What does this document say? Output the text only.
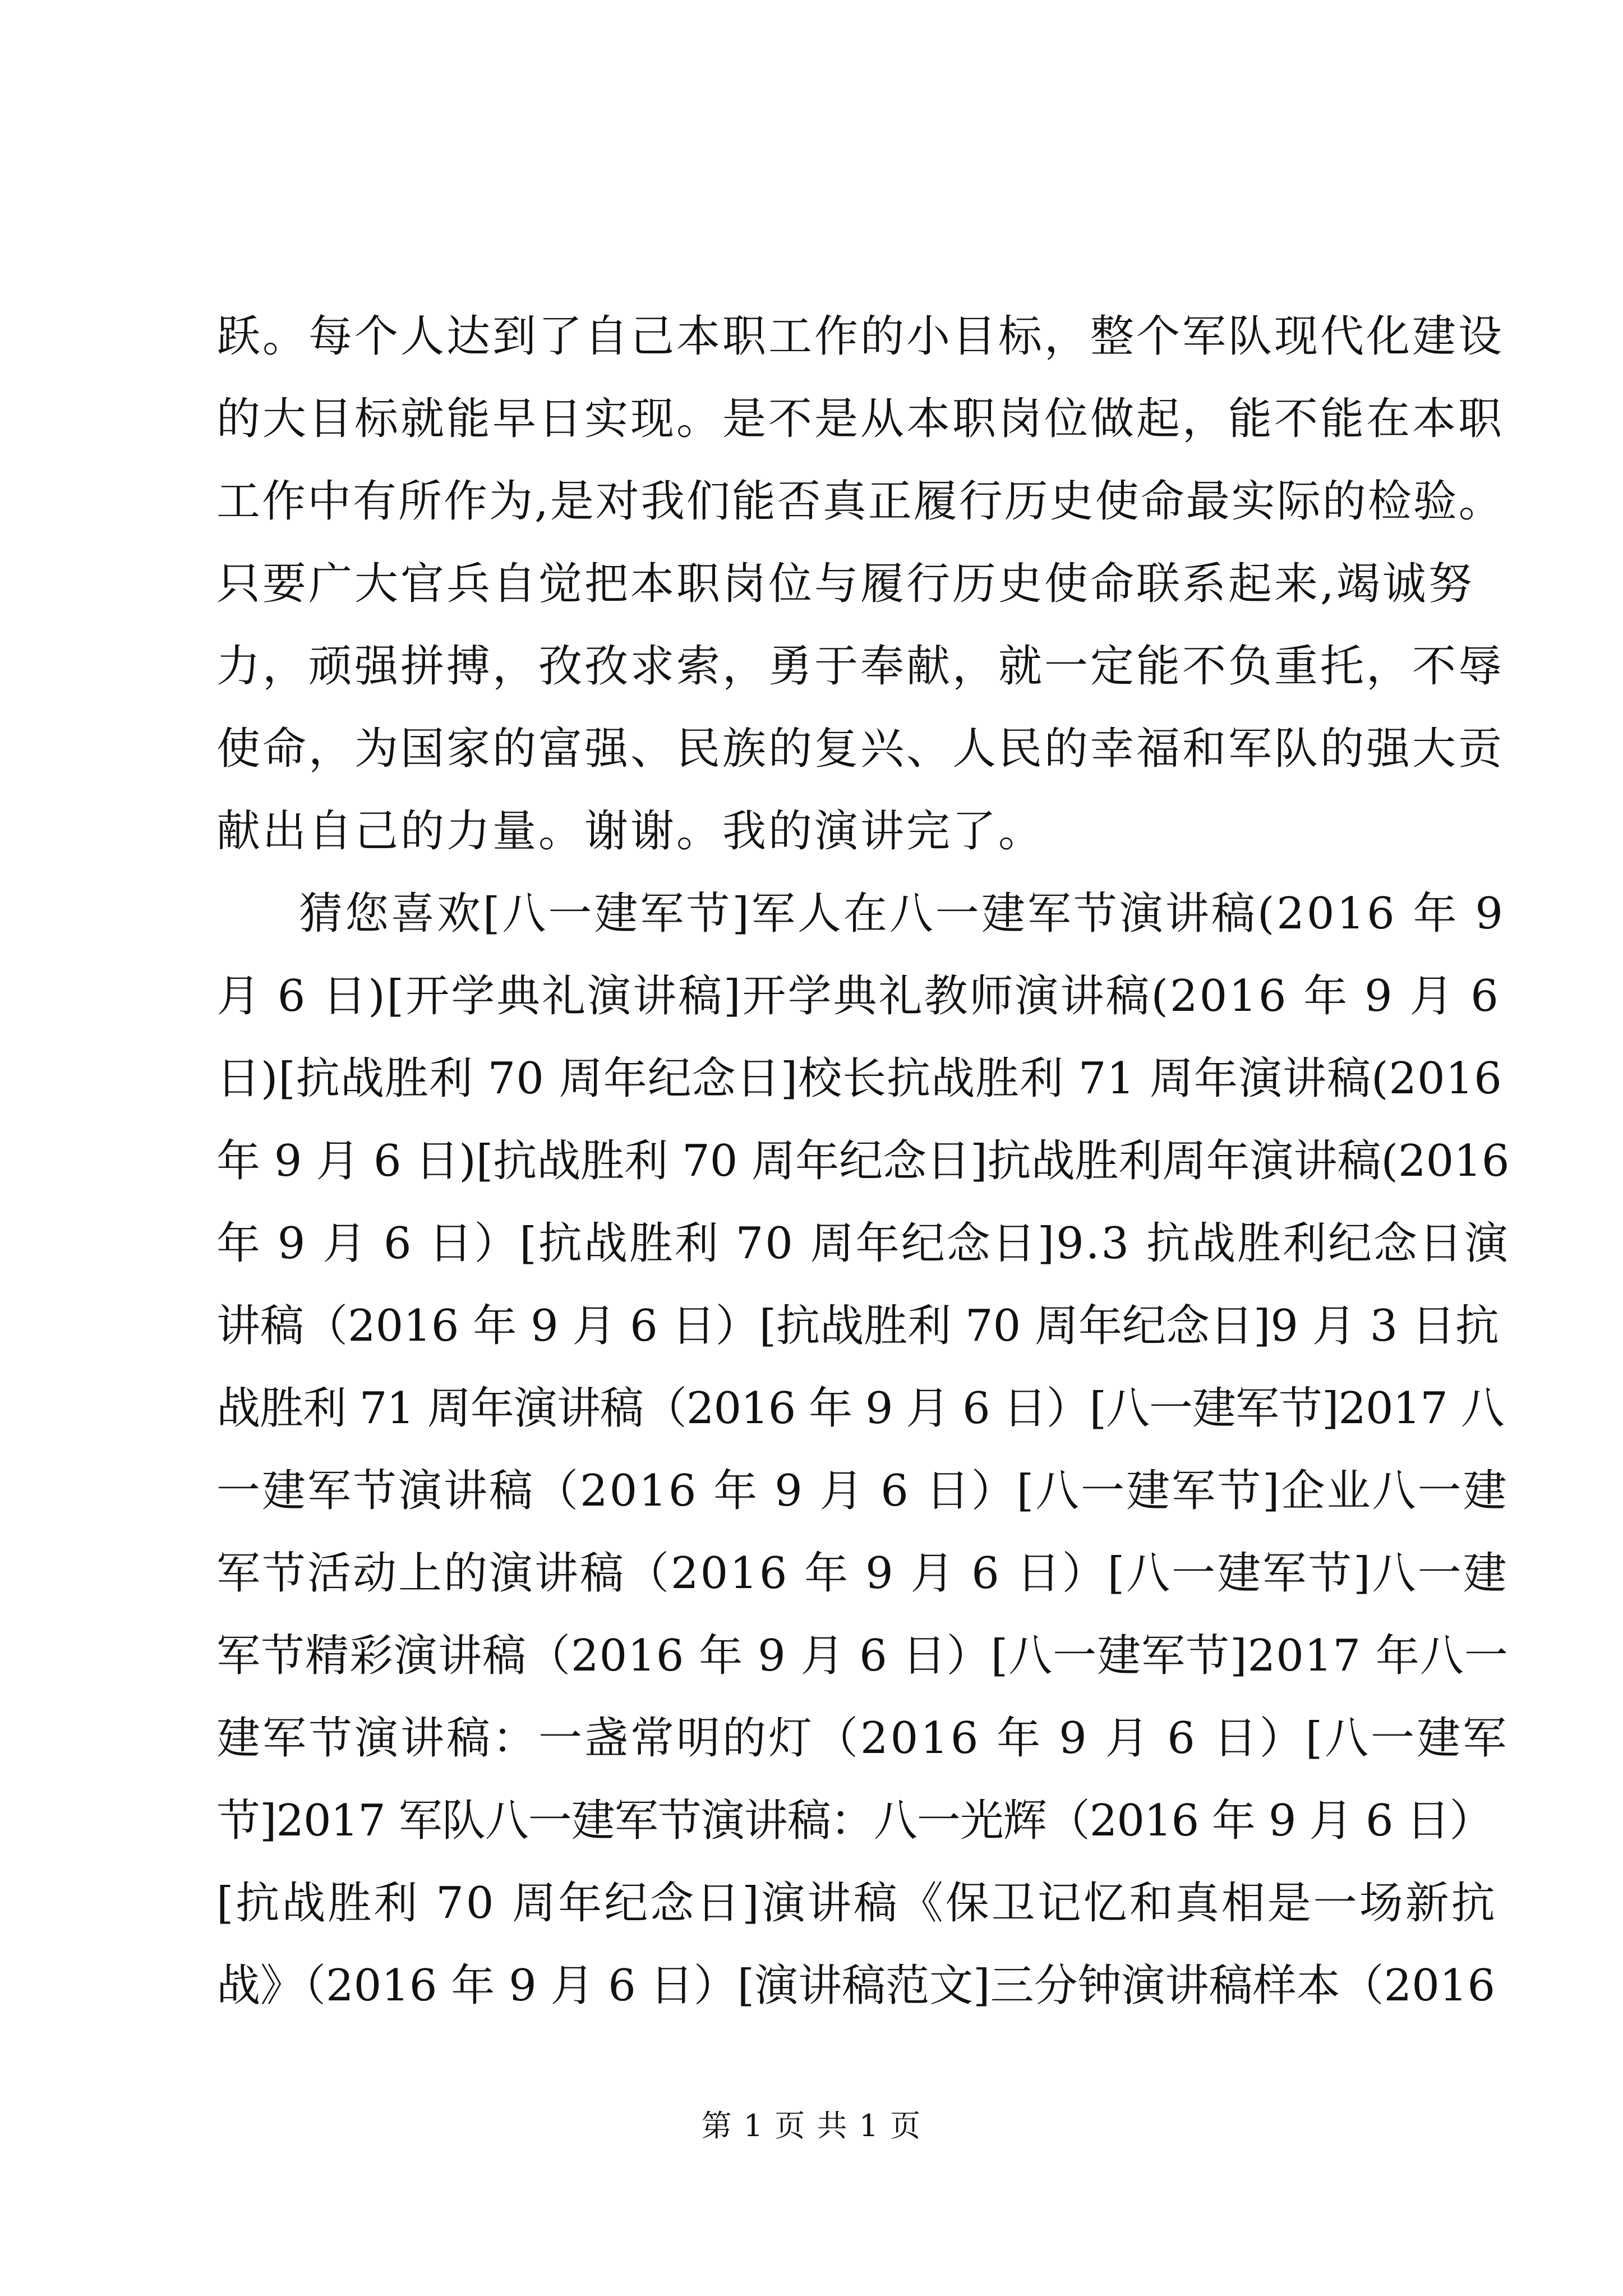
跃。每个人达到了自己本职工作的小目标，整个军队现代化建设
的大目标就能早日实现。是不是从本职岗位做起，能不能在本职
工作中有所作为,是对我们能否真正履行历史使命最实际的检验。
只要广大官兵自觉把本职岗位与履行历史使命联系起来,竭诚努
力，顽强拼搏，孜孜求索，勇于奉献，就一定能不负重托，不辱
使命，为国家的富强、民族的复兴、人民的幸福和军队的强大贡
献出自己的力量。谢谢。我的演讲完了。
猜您喜欢[八一建军节]军人在八一建军节演讲稿(2016 年 9
月 6 日)[开学典礼演讲稿]开学典礼教师演讲稿(2016 年 9 月 6
日)[抗战胜利 70 周年纪念日]校长抗战胜利 71 周年演讲稿(2016
年 9 月 6 日)[抗战胜利 70 周年纪念日]抗战胜利周年演讲稿(2016
年 9 月 6 日）[抗战胜利 70 周年纪念日]9.3 抗战胜利纪念日演
讲稿（2016 年 9 月 6 日）[抗战胜利 70 周年纪念日]9 月 3 日抗
战胜利 71 周年演讲稿（2016 年 9 月 6 日）[八一建军节]2017 八
一建军节演讲稿（2016 年 9 月 6 日）[八一建军节]企业八一建
军节活动上的演讲稿（2016 年 9 月 6 日）[八一建军节]八一建
军节精彩演讲稿（2016 年 9 月 6 日）[八一建军节]2017 年八一
建军节演讲稿：一盏常明的灯（2016 年 9 月 6 日）[八一建军
节]2017 军队八一建军节演讲稿：八一光辉（2016 年 9 月 6 日）
[抗战胜利 70 周年纪念日]演讲稿《保卫记忆和真相是一场新抗
战》（2016 年 9 月 6 日）[演讲稿范文]三分钟演讲稿样本（2016
第 1 页 共 1 页
